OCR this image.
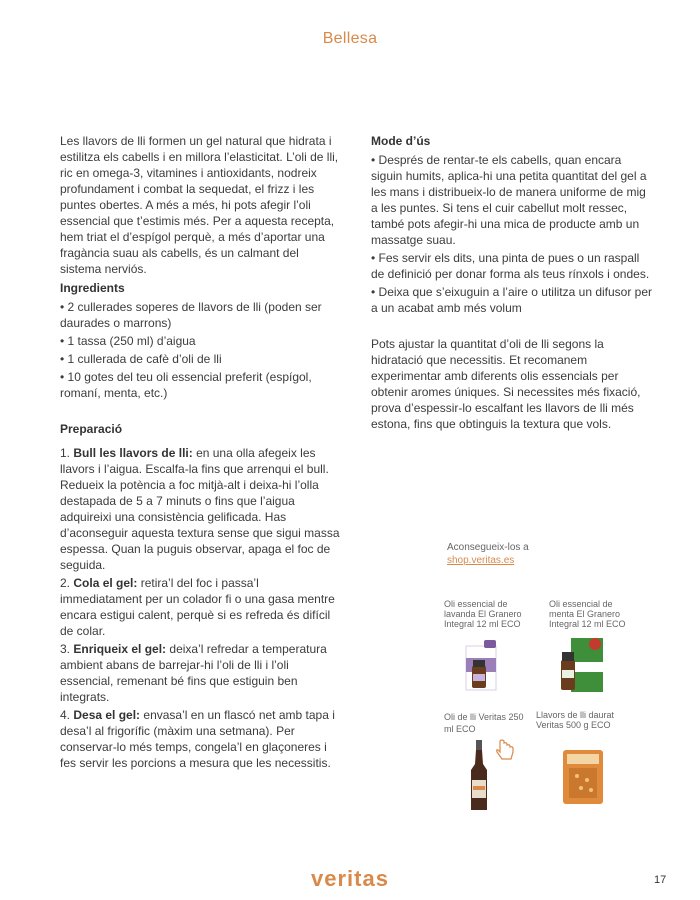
Bellesa

Les llavors de lli formen un gel natural que hidrata i estilitza els cabells i en millora l’elasticitat. L’oli de lli, ric en omega-3, vitamines i antioxidants, nodreix profundament i combat la sequedat, el frizz i les puntes obertes. A més a més, hi pots afegir l’oli essencial que t’estimis més. Per a aquesta recepta, hem triat el d’espígol perquè, a més d’aportar una fragància suau als cabells, és un calmant del sistema nerviós.

Ingredients

• 2 cullerades soperes de llavors de lli (poden ser daurades o marrons)

• 1 tassa (250 ml) d’aigua

• 1 cullerada de cafè d’oli de lli

• 10 gotes del teu oli essencial preferit (espígol, romaní, menta, etc.)

Preparació

1. Bull les llavors de lli: en una olla afegeix les llavors i l’aigua. Escalfa-la fins que arrenqui el bull. Redueix la potència a foc mitjà-alt i deixa-hi l’olla destapada de 5 a 7 minuts o fins que l’aigua adquireixi una consistència gelificada. Has d’aconseguir aquesta textura sense que sigui massa espessa. Quan la puguis observar, apaga el foc de seguida.

2. Cola el gel: retira’l del foc i passa’l immediatament per un colador fi o una gasa mentre encara estigui calent, perquè si es refreda és difícil de colar.

3. Enriqueix el gel: deixa’l refredar a temperatura ambient abans de barrejar-hi l’oli de lli i l’oli essencial, remenant bé fins que estiguin ben integrats.

4. Desa el gel: envasa’l en un flascó net amb tapa i desa’l al frigorífic (màxim una setmana). Per conservar-lo més temps, congela’l en glaçoneres i fes servir les porcions a mesura que les necessitis.

Mode d’ús

• Després de rentar-te els cabells, quan encara siguin humits, aplica-hi una petita quantitat del gel a les mans i distribueix-lo de manera uniforme de mig a les puntes. Si tens el cuir cabellut molt ressec, també pots afegir-hi una mica de producte amb un massatge suau.

• Fes servir els dits, una pinta de pues o un raspall de definició per donar forma als teus rínxols i ondes.

• Deixa que s’eixuguin a l’aire o utilitza un difusor per a un acabat amb més volum

Pots ajustar la quantitat d’oli de lli segons la hidratació que necessitis. Et recomanem experimentar amb diferents olis essencials per obtenir aromes úniques. Si necessites més fixació, prova d’espessir-lo escalfant les llavors de lli més estona, fins que obtinguis la textura que vols.

Aconsegueix-los a
shop.veritas.es
Oli essencial de lavanda El Granero Integral 12 ml ECO
Oli essencial de menta El Granero Integral 12 ml ECO
Oli de lli Veritas 250 ml ECO
Llavors de lli daurat Veritas 500 g ECO
veritas	17
